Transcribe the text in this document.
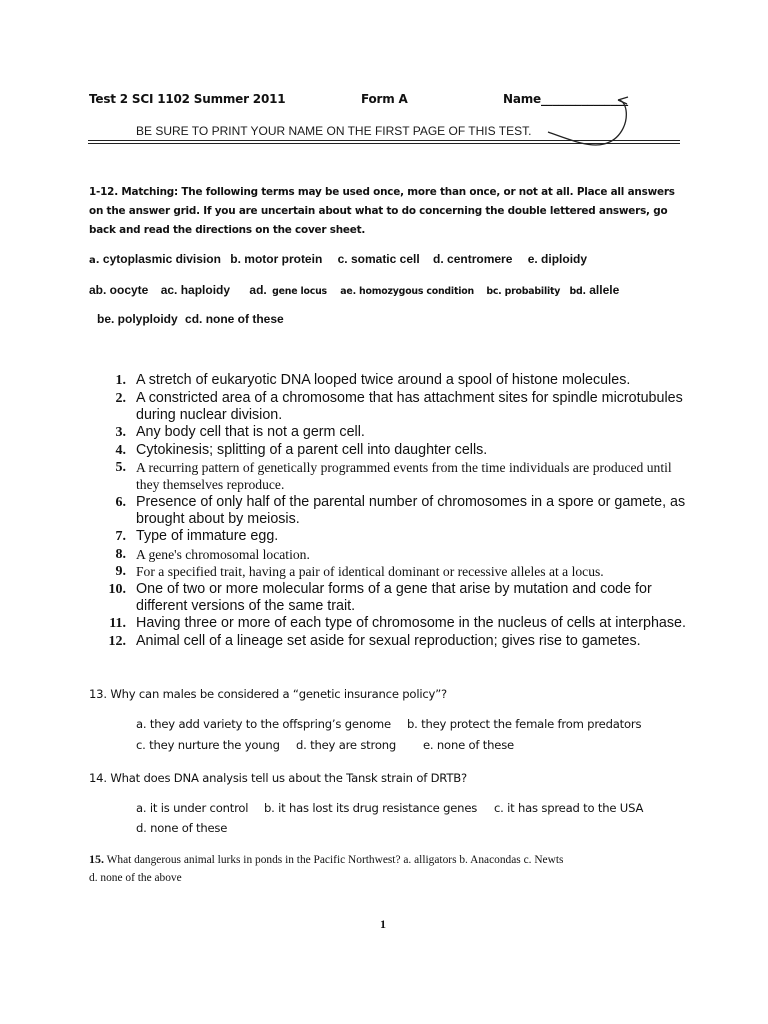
Test 2 SCI 1102 Summer 2011	Form A	Name_______________
BE SURE TO PRINT YOUR NAME ON THE FIRST PAGE OF THIS TEST.
1-12. Matching: The following terms may be used once, more than once, or not at all. Place all answers on the answer grid. If you are uncertain about what to do concerning the double lettered answers, go back and read the directions on the cover sheet.
a. cytoplasmic division b. motor protein c. somatic cell d. centromere e. diploidy
ab. oocyte ac. haploidy ad. gene locus ae. homozygous condition bc. probability bd. allele
be. polyploidy cd. none of these
1. A stretch of eukaryotic DNA looped twice around a spool of histone molecules.
2. A constricted area of a chromosome that has attachment sites for spindle microtubules during nuclear division.
3. Any body cell that is not a germ cell.
4. Cytokinesis; splitting of a parent cell into daughter cells.
5. A recurring pattern of genetically programmed events from the time individuals are produced until they themselves reproduce.
6. Presence of only half of the parental number of chromosomes in a spore or gamete, as brought about by meiosis.
7. Type of immature egg.
8. A gene's chromosomal location.
9. For a specified trait, having a pair of identical dominant or recessive alleles at a locus.
10. One of two or more molecular forms of a gene that arise by mutation and code for different versions of the same trait.
11. Having three or more of each type of chromosome in the nucleus of cells at interphase.
12. Animal cell of a lineage set aside for sexual reproduction; gives rise to gametes.
13. Why can males be considered a “genetic insurance policy”?
a. they add variety to the offspring’s genome b. they protect the female from predators
c. they nurture the young d. they are strong e. none of these
14. What does DNA analysis tell us about the Tansk strain of DRTB?
a. it is under control b. it has lost its drug resistance genes c. it has spread to the USA
d. none of these
15. What dangerous animal lurks in ponds in the Pacific Northwest? a. alligators b. Anacondas c. Newts
d. none of the above
1
